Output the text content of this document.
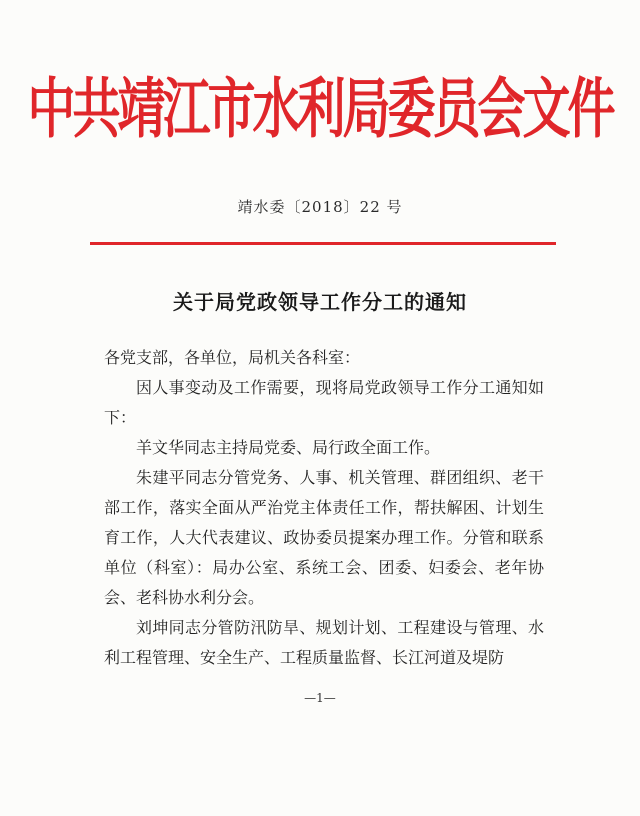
中共靖江市水利局委员会文件
靖水委〔2018〕22 号
关于局党政领导工作分工的通知

各党支部，各单位，局机关各科室：

因人事变动及工作需要，现将局党政领导工作分工通知如下：

羊文华同志主持局党委、局行政全面工作。

朱建平同志分管党务、人事、机关管理、群团组织、老干部工作，落实全面从严治党主体责任工作，帮扶解困、计划生育工作，人大代表建议、政协委员提案办理工作。分管和联系单位（科室）：局办公室、系统工会、团委、妇委会、老年协会、老科协水利分会。

刘坤同志分管防汛防旱、规划计划、工程建设与管理、水利工程管理、安全生产、工程质量监督、长江河道及堤防

—1—
